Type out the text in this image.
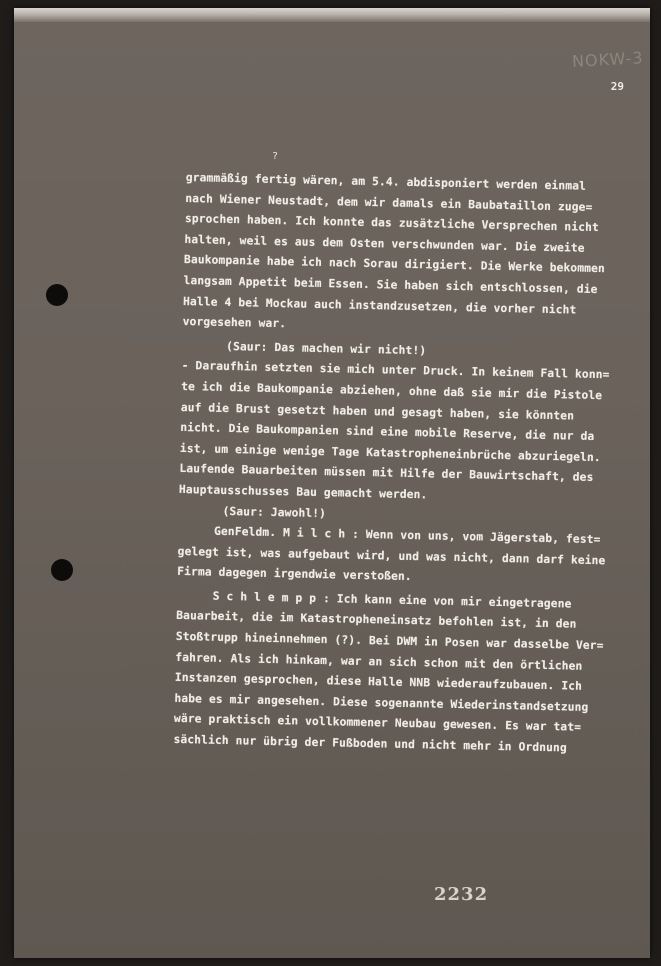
NOKW-3
29
?
grammäßig fertig wären, am 5.4. abdisponiert werden einmal
nach Wiener Neustadt, dem wir damals ein Baubataillon zuge=
sprochen haben. Ich konnte das zusätzliche Versprechen nicht
halten, weil es aus dem Osten verschwunden war. Die zweite
Baukompanie habe ich nach Sorau dirigiert. Die Werke bekommen
langsam Appetit beim Essen. Sie haben sich entschlossen, die
Halle 4 bei Mockau auch instandzusetzen, die vorher nicht
vorgesehen war.
(Saur: Das machen wir nicht!)
- Daraufhin setzten sie mich unter Druck. In keinem Fall konn=
te ich die Baukompanie abziehen, ohne daß sie mir die Pistole
auf die Brust gesetzt haben und gesagt haben, sie könnten
nicht. Die Baukompanien sind eine mobile Reserve, die nur da
ist, um einige wenige Tage Katastropheneinbrüche abzuriegeln.
Laufende Bauarbeiten müssen mit Hilfe der Bauwirtschaft, des
Hauptausschusses Bau gemacht werden.
(Saur: Jawohl!)
GenFeldm. M i l c h : Wenn von uns, vom Jägerstab, fest=
gelegt ist, was aufgebaut wird, und was nicht, dann darf keine
Firma dagegen irgendwie verstoßen.
S c h l e m p p : Ich kann eine von mir eingetragene
Bauarbeit, die im Katastropheneinsatz befohlen ist, in den
Stoßtrupp hineinnehmen (?). Bei DWM in Posen war dasselbe Ver=
fahren. Als ich hinkam, war an sich schon mit den örtlichen
Instanzen gesprochen, diese Halle NNB wiederaufzubauen. Ich
habe es mir angesehen. Diese sogenannte Wiederinstandsetzung
wäre praktisch ein vollkommener Neubau gewesen. Es war tat=
sächlich nur übrig der Fußboden und nicht mehr in Ordnung
2232
